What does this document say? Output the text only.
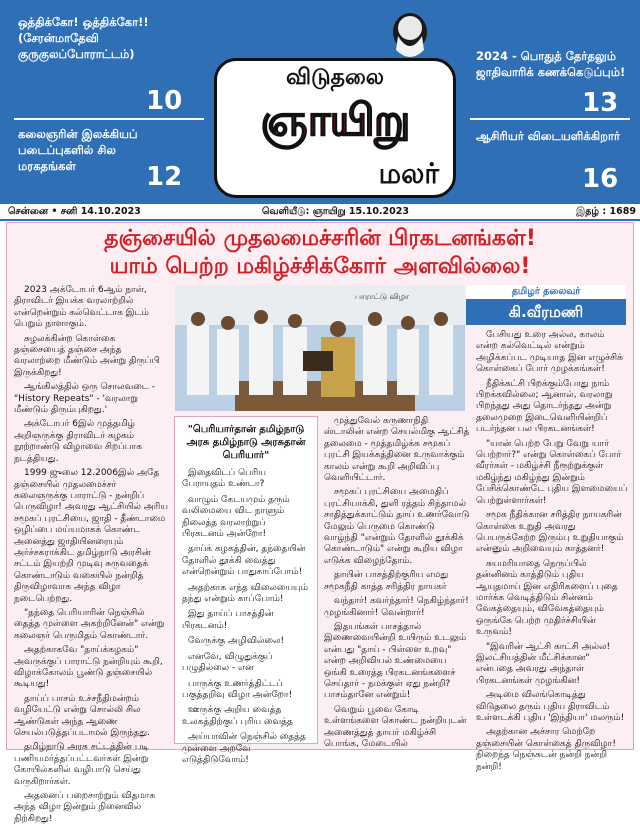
ஒத்திக்கோ! ஒத்திக்கோ!! (சேரன்மாதேவி குருகுலப்போராட்டம்)
10
கலைஞரின் இலக்கியப் படைப்புகளில் சில மரகதங்கள்	12
2024 - பொதுத் தேர்தலும் ஜாதிவாரிக் கணக்கெடுப்பும்!
13
ஆசிரியர் விடையளிக்கிறார்
16
விடுதலை
ஞாயிறு
மலர்
சென்னை • சனி 14.10.2023	வெளியீடு: ஞாயிறு 15.10.2023	இதழ் : 1689
தஞ்சையில் முதலமைச்சரின் பிரகடனங்கள்!
யாம் பெற்ற மகிழ்ச்சிக்கோர் அளவில்லை!

2023 அக்டோபர் 6ஆம் நாள், திராவிடர் இயக்க வரலாற்றில் என்றென்றும் கல்வெட்டாக இடம் பெறும் நாளாகும்.

சுழலக்கின்ற கொள்கை தஞ்சையைத் தஞ்சை அந்த வரலாற்றை மீண்டும் அன்று திருப்பி இருக்கிறது!

ஆங்கிலத்தில் ஒரு சொலவடை - "History Repeats" - 'வரலாறு மீண்டும் திரும்புகிறது.'

அக்டோபர் 6இல் முத்தமிழ் அறிஞருக்கு திராவிடர் கழகம் நூற்றாண்டு விழாவை சிறப்பாக நடத்தியது.

1999 ஜுலை 12.2006இல் அதே தஞ்சையில் முதலமைச்சர் கலைஞருக்கு பாராட்டு - நன்றிப் பெருவிழா! அவரது ஆட்சியில் அரிய சமூகப் புரட்சியை, ஜாதி - தீண்டாமை ஒழிப்பை மய்யமாகக் கொண்ட அனைத்து ஜாதியினரையும் அர்ச்சகராக்கிட தமிழ்நாடு அரசின் சட்டம் இயற்றி முடிவு சுருவதைக் கொண்டாடும் வகையில் நன்றித் திருவிழாவாக அந்த விழா நடைபெற்றது.

"தந்தை பெரியாரின் நெஞ்சில் தைத்த முள்ளை அகற்றினேன்" என்று கலைஞர் பெருமிதம் கொண்டார்.

அதற்காகவே "தாய்க்கழகம்" அவருக்குப் பாராட்டு நன்றியும் கூறி, விழாக்கோலம் பூண்டு தஞ்சையில் கூடியது!

தாய்ப் பாசம் உச்சநீதிமன்றம் வழியேட்டு என்று சொல்லி சில ஆண்டுகள் அந்த ஆணை செயல்படுத்தப்படாமல் இருந்தது.

தமிழ்நாடு அரசு சட்டத்தின் படி பணியமர்த்தப்பட்டவர்கள் இன்று கோயில்களில் வழிபாடு செய்து வருகிறார்கள்.

அதனைப் பறைசாற்றும் விதமாக அந்த விழா இன்றும் நினைவில் நிற்கிறது!

பாராட்டு விழா	தமிழர் தலைவர்
கி.வீரமணி
"பெரியார்தான் தமிழ்நாடு அரசு தமிழ்நாடு அரசுதான் பெரியார்"

இதைவிடப் பெரிய பேராயுதம் உண்டா?

வாழும் கேடயமும் தரும் வலிமையை விட நாளும் நிலைத்த வரலாற்றுப் பிரகடனம் அன்றோ!

தாய்க் கழகத்தின், தந்தையின் தோளில் தூக்கி வைத்து என்றென்றும் பாதுகாப்போம்!

அதற்காக எந்த விலையையும் தந்து என்றும் காப்போம்!

இது தாய்ப் பாசத்தின் பிரகடனம்!

வேருக்கு அழிவில்லை!

எனவே, விழுதுக்குப் பழுதில்லை - என

பாருக்கு உணர்த்திட்டப் பகுத்தறிவு விழா அன்றோ!

ஊருக்கு அறிய வைத்த உலகத்திற்குப் புரிய வைத்த

அய்யாவின் நெஞ்சில் தைத்த முள்ளை அறவே எடுத்திடுவோம்!

முத்துவேல் கருணாநிதி ஸ்டாலின் என்ற செயல்மிகு ஆட்சித் தலைமை - மூத்தமிழ்க்க சமூகப் புரட்சி இயக்கத்தினை உருவாக்கும் காலம் என்று கூறி அறிவிப்பு வெளியிட்டார்.

சமூகப் புரட்சியை அமைதிப் புரட்சியாக்கி, துளி ரத்தம் சிந்தாமல் சாதித்துக்காட்டும் தாய் உணர்வோடு மேலும் பெருமை கொண்டு வாழ்ந்தி "என்றும் தோளில் தூக்கிக் கொண்டாடும்" என்று கூறிய விழா எடுக்க விழைந்தோம்.

தாயின் பாசத்திற்குரிய எமது சமூகநீதி காத்த சரித்திர நாயகர்

வந்தார்! கவர்ந்தார்! நெகிழ்ந்தார்! முழங்கினார்! வென்றார்!

இதயங்கள் பாசத்தால் இணைவையின்றி உயிரும் உடலும் என்பது "தாய் - பிள்ளை உறவு" என்ற அறிவியல் உண்மையை ஒங்கி உரைத்த பிரகடனங்களைச் செய்தார் - நமக்குள் ஏது நன்றி? பாசம்தானே என்றும்!

வெறும் பூவை கோடி உள்ளங்களை கொண்ட நன்றியுடன் அணைத்துத் தாயர் மகிழ்ச்சி பொங்க, மேடையில்

பேசியது உரை அல்ல, காலம் என்ற கல்வெட்டில் என்றும் அழிக்கப்பட முடியாத இன எழுச்சிக் கொள்கைப் போர் முழக்கங்கள்!

நீதிக்கட்சி பிறக்கும்போது நாம் பிறக்கவில்லை; ஆனால், வரலாறு பிறந்தது அது தொடர்ந்தது அன்று தலைமுறை இடைவெளியின்றிப் படர்ந்தன பல பிரகடனங்கள்!

"யான் பெற்ற பேறு வேறு யார் பெற்றார்?" என்று கொள்கைப் போர் வீரர்கள் - மகிழ்ச்சி நீரூற்றுக்குள் மகிழ்ந்து மகிழ்ந்து இன்றும் பேசிக்கொண்டே புதிய இளமையைப் பெற்றுள்ளார்கள்!

சமூக நீதிக்கான சரித்திர நாயகரின் கொள்கை உறுதி அவரது பெயருக்கேற்ற இரும்பு உறுதியாகும் என்னும் அறிவையும் காத்தனர்!

சுயமரியாதை நெருப்பில் தன்னினம் காத்திடும் புதிய ஆயுதமாய் இன எதிரிகளைப் புதை மார்க்க வெடித்திடும் சின்னம் வேகத்தையும், விவேகத்தையும் ஒருங்கே பெற்ற முதிர்ச்சியின் உருவம்!

"இவரின் ஆட்சி காட்சி அல்ல! இலட்சியத்தின் மீட்சிக்கான" என்பதை அவரது அந்தாள் பிரகடனங்கள் முழங்கின!

அடிமை விலங்கொடித்து விடுதலை தரும் புதிய திராவிடம் உள்ளடக்கி புதிய 'இந்தியா' மலரும்!

அதற்கான அச்சார மெற்றே தஞ்சையின் கொள்கைத் திருவிழா! நிறைந்த நெஞ்சுடன் நன்றி நன்றி நன்றி!
